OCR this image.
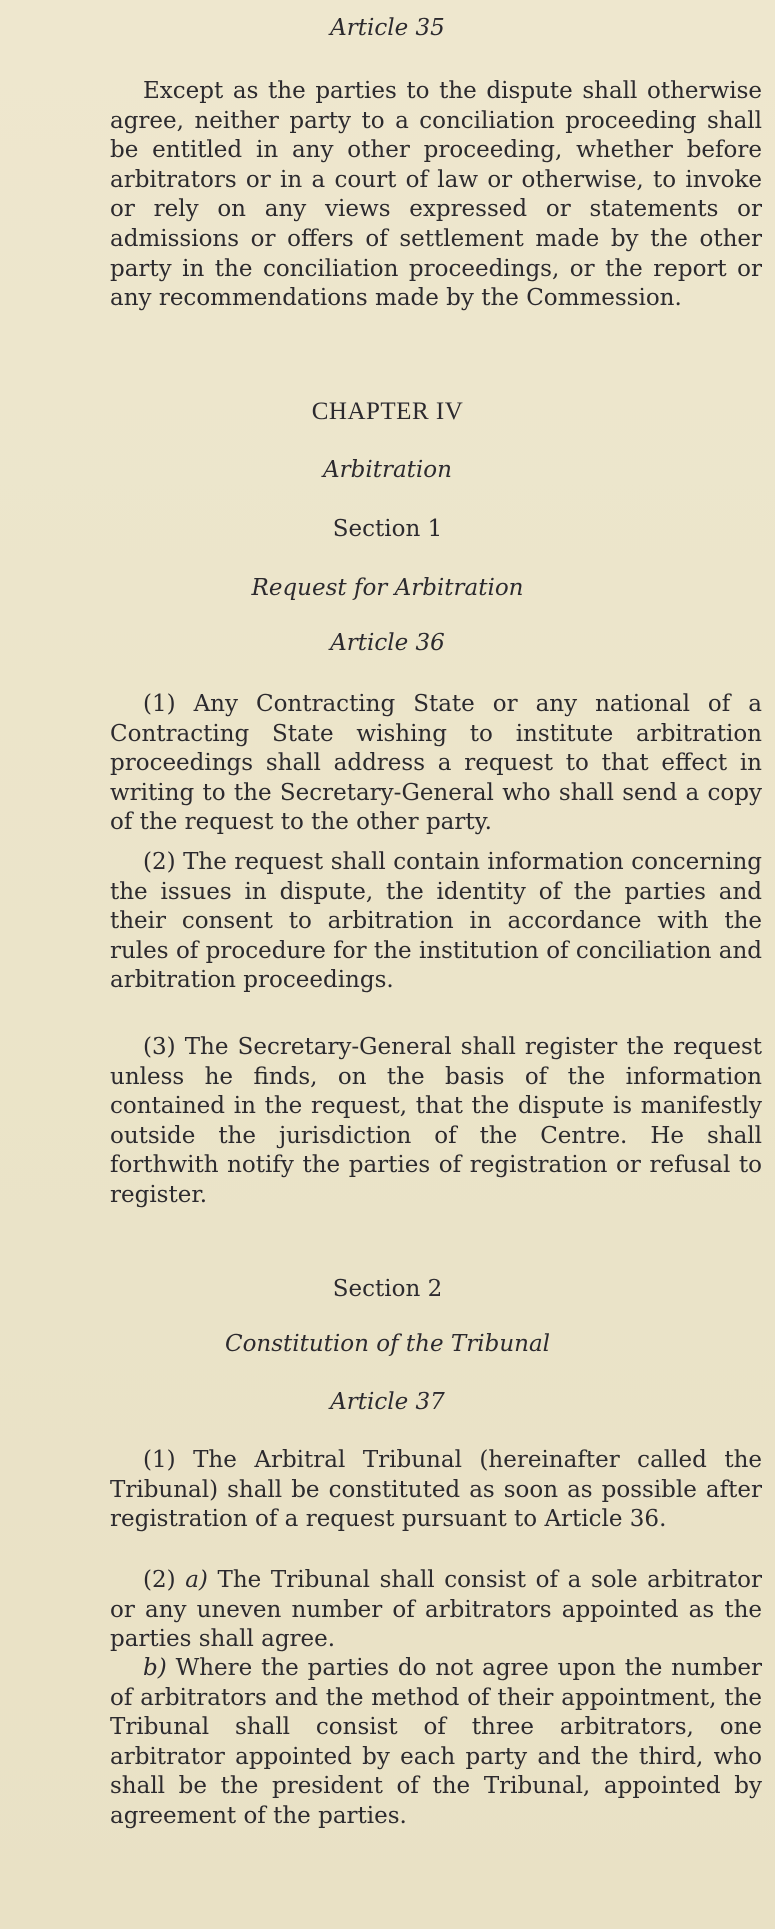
Article 35

Except as the parties to the dispute shall otherwise agree, neither party to a conciliation proceeding shall be entitled in any other proceeding, whether before arbitrators or in a court of law or otherwise, to invoke or rely on any views expressed or statements or admissions or offers of settlement made by the other party in the conciliation proceedings, or the report or any recommendations made by the Commession.

CHAPTER IV

Arbitration

Section 1

Request for Arbitration

Article 36

(1) Any Contracting State or any national of a Contracting State wishing to institute arbitration proceedings shall address a request to that effect in writing to the Secretary-General who shall send a copy of the request to the other party.

(2) The request shall contain information concerning the issues in dispute, the identity of the parties and their consent to arbitration in accordance with the rules of procedure for the institution of conciliation and arbitration proceedings.

(3) The Secretary-General shall register the request unless he finds, on the basis of the information contained in the request, that the dispute is manifestly outside the jurisdiction of the Centre. He shall forthwith notify the parties of registration or refusal to register.

Section 2

Constitution of the Tribunal

Article 37

(1) The Arbitral Tribunal (hereinafter called the Tribunal) shall be constituted as soon as possible after registration of a request pursuant to Article 36.

(2) a) The Tribunal shall consist of a sole arbitrator or any uneven number of arbitrators appointed as the parties shall agree.

b) Where the parties do not agree upon the number of arbitrators and the method of their appointment, the Tribunal shall consist of three arbitrators, one arbitrator appointed by each party and the third, who shall be the president of the Tribunal, appointed by agreement of the parties.
